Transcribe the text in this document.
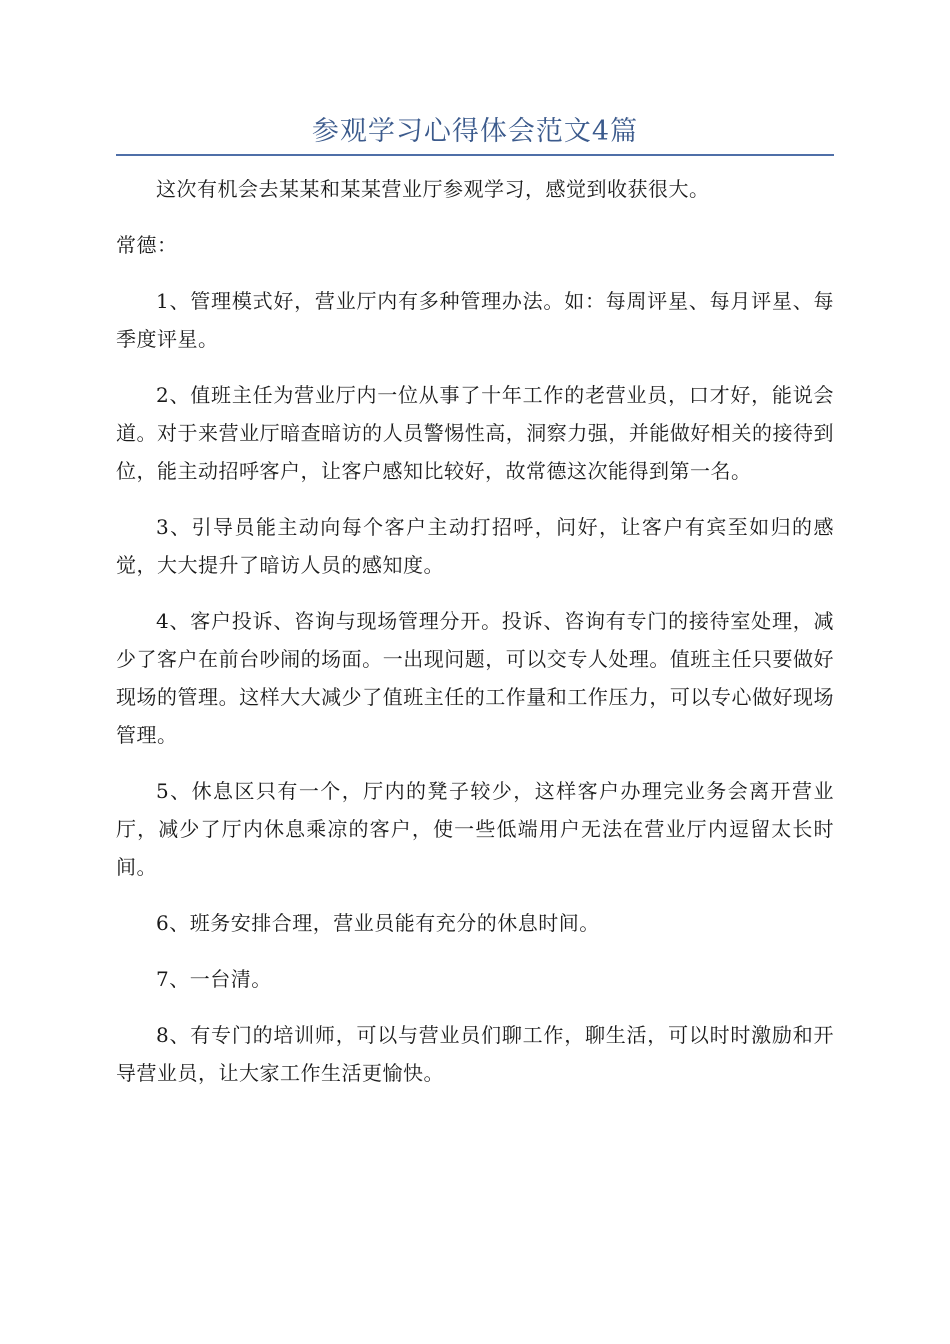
参观学习心得体会范文4篇

这次有机会去某某和某某营业厅参观学习，感觉到收获很大。

常德：

1、管理模式好，营业厅内有多种管理办法。如：每周评星、每月评星、每季度评星。

2、值班主任为营业厅内一位从事了十年工作的老营业员，口才好，能说会道。对于来营业厅暗查暗访的人员警惕性高，洞察力强，并能做好相关的接待到位，能主动招呼客户，让客户感知比较好，故常德这次能得到第一名。

3、引导员能主动向每个客户主动打招呼，问好，让客户有宾至如归的感觉，大大提升了暗访人员的感知度。

4、客户投诉、咨询与现场管理分开。投诉、咨询有专门的接待室处理，减少了客户在前台吵闹的场面。一出现问题，可以交专人处理。值班主任只要做好现场的管理。这样大大减少了值班主任的工作量和工作压力，可以专心做好现场管理。

5、休息区只有一个，厅内的凳子较少，这样客户办理完业务会离开营业厅，减少了厅内休息乘凉的客户，使一些低端用户无法在营业厅内逗留太长时间。

6、班务安排合理，营业员能有充分的休息时间。

7、一台清。

8、有专门的培训师，可以与营业员们聊工作，聊生活，可以时时激励和开导营业员，让大家工作生活更愉快。
